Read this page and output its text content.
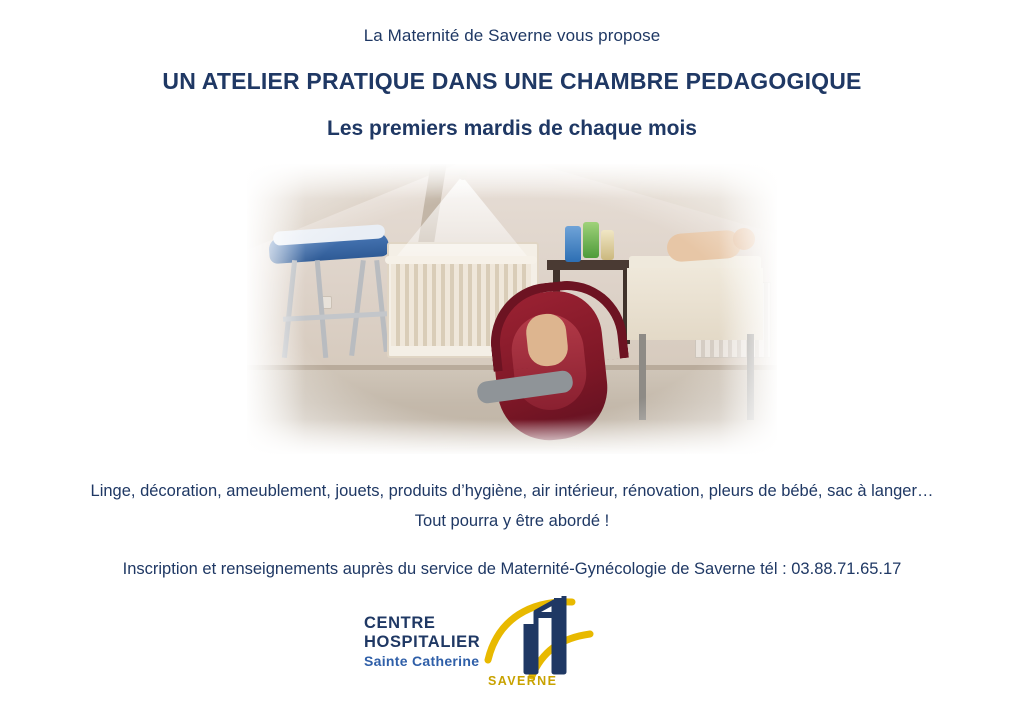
La Maternité de Saverne vous propose
UN ATELIER PRATIQUE DANS UNE CHAMBRE PEDAGOGIQUE
Les premiers mardis de chaque mois
Linge, décoration, ameublement, jouets, produits d’hygiène, air intérieur, rénovation, pleurs de bébé, sac à langer…
Tout pourra y être abordé !
Inscription et renseignements auprès du service de Maternité-Gynécologie de Saverne tél : 03.88.71.65.17
CENTRE
HOSPITALIER
Sainte Catherine
SAVERNE
